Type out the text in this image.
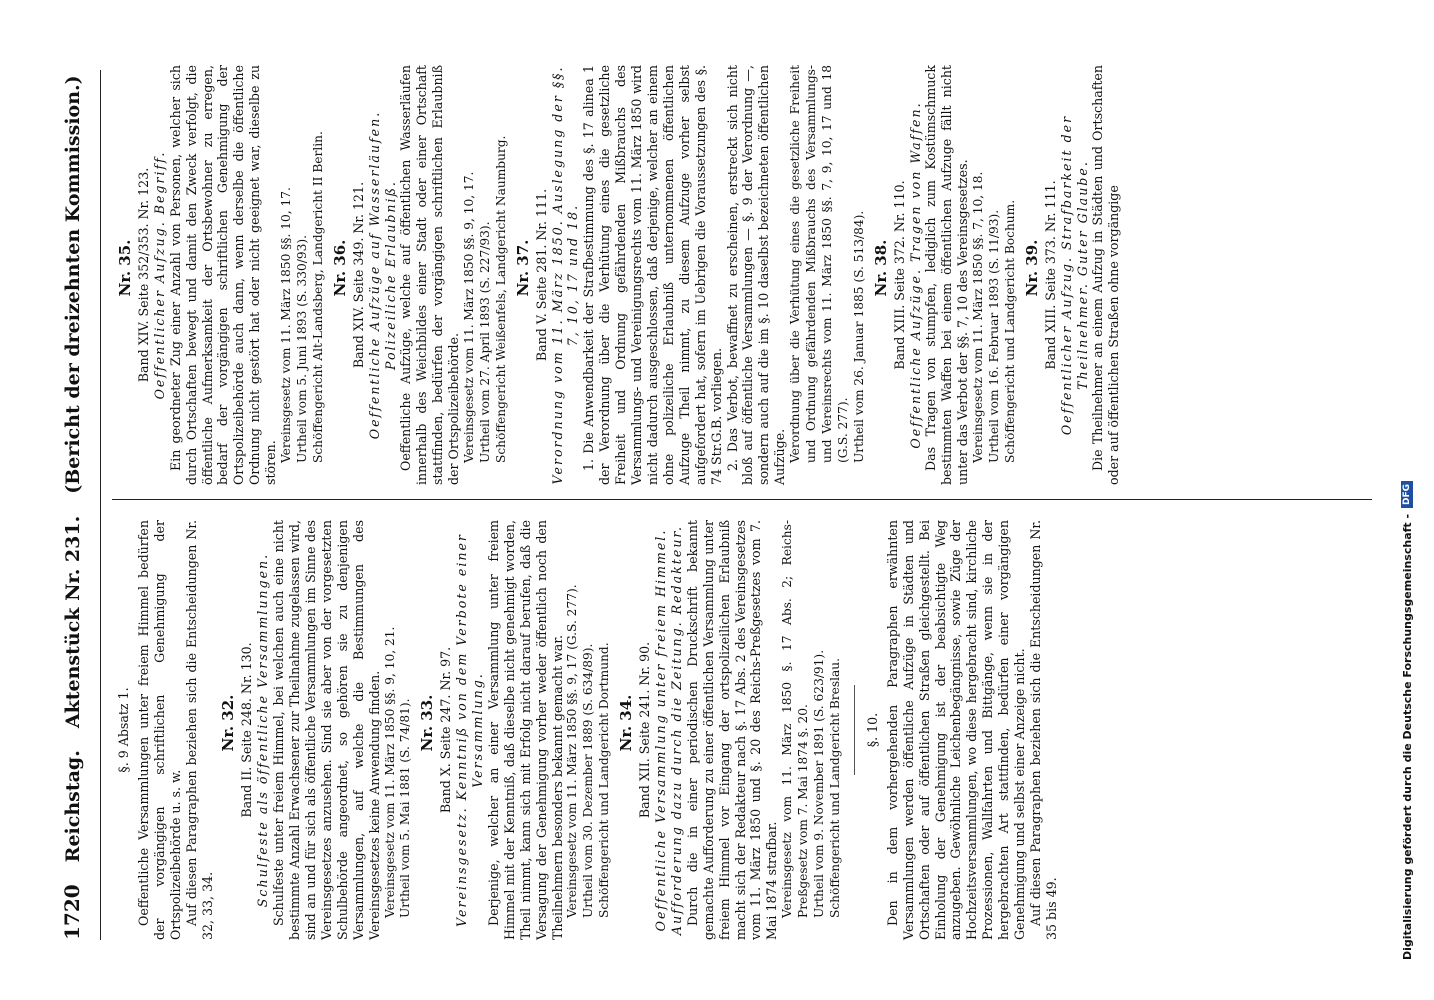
1720
Reichstag.
Aktenstück Nr. 231.
(Bericht der dreizehnten Kommission.)

§. 9 Absatz 1. Oeffentliche Versammlungen unter freiem Himmel bedürfen der vorgängigen schriftlichen Genehmigung der Ortspolizeibehörde u. s. w. Auf diesen Paragraphen beziehen sich die Entscheidungen Nr. 32, 33, 34.

Nr. 32. Band II. Seite 248. Nr. 130. Schulfeste als öffentliche Versammlungen. Schulfeste unter freiem Himmel, bei welchen auch eine nicht bestimmte Anzahl Erwachsener zur Theilnahme zugelassen wird, sind an und für sich als öffentliche Versammlungen im Sinne des Vereinsgesetzes anzusehen. Sind sie aber von der vorgesetzten Schulbehörde angeordnet, so gehören sie zu denjenigen Versammlungen, auf welche die Bestimmungen des Vereinsgesetzes keine Anwendung finden. Vereinsgesetz vom 11. März 1850 §§. 9, 10, 21. Urtheil vom 5. Mai 1881 (S. 74/81). Nr. 33. Band X. Seite 247. Nr. 97. Vereinsgesetz. Kenntniß von dem Verbote einer Versammlung. Derjenige, welcher an einer Versammlung unter freiem Himmel mit der Kenntniß, daß dieselbe nicht genehmigt worden, Theil nimmt, kann sich mit Erfolg nicht darauf berufen, daß die Versagung der Genehmigung vorher weder öffentlich noch den Theilnehmern besonders bekannt gemacht war. Vereinsgesetz vom 11. März 1850 §§. 9, 17 (G.S. 277). Urtheil vom 30. Dezember 1889 (S. 634/89). Schöffengericht und Landgericht Dortmund. Nr. 34. Band XII. Seite 241. Nr. 90. Oeffentliche Versammlung unter freiem Himmel. Aufforderung dazu durch die Zeitung. Redakteur. Durch die in einer periodischen Druckschrift bekannt gemachte Aufforderung zu einer öffentlichen Versammlung unter freiem Himmel vor Eingang der ortspolizeilichen Erlaubniß macht sich der Redakteur nach §. 17 Abs. 2 des Vereinsgesetzes vom 11. März 1850 und §. 20 des Reichs-Preßgesetzes vom 7. Mai 1874 strafbar. Vereinsgesetz vom 11. März 1850 §. 17 Abs. 2; Reichs-Preßgesetz vom 7. Mai 1874 §. 20. Urtheil vom 9. November 1891 (S. 623/91). Schöffengericht und Landgericht Breslau. §. 10. Den in dem vorhergehenden Paragraphen erwähnten Versammlungen werden öffentliche Aufzüge in Städten und Ortschaften oder auf öffentlichen Straßen gleichgestellt. Bei Einholung der Genehmigung ist der beabsichtigte Weg anzugeben. Gewöhnliche Leichenbegängnisse, sowie Züge der Hochzeitsversammlungen, wo diese hergebracht sind, kirchliche Prozessionen, Wallfahrten und Bittgänge, wenn sie in der hergebrachten Art stattfinden, bedürfen einer vorgängigen Genehmigung und selbst einer Anzeige nicht. Auf diesen Paragraphen beziehen sich die Entscheidungen Nr. 35 bis 49.

Nr. 35. Band XIV. Seite 352/353. Nr. 123. Oeffentlicher Aufzug. Begriff. Ein geordneter Zug einer Anzahl von Personen, welcher sich durch Ortschaften bewegt und damit den Zweck verfolgt, die öffentliche Aufmerksamkeit der Ortsbewohner zu erregen, bedarf der vorgängigen schriftlichen Genehmigung der Ortspolizeibehörde auch dann, wenn derselbe die öffentliche Ordnung nicht gestört hat oder nicht geeignet war, dieselbe zu stören. Vereinsgesetz vom 11. März 1850 §§. 10, 17. Urtheil vom 5. Juni 1893 (S. 330/93). Schöffengericht Alt-Landsberg, Landgericht II Berlin. Nr. 36. Band XIV. Seite 349. Nr. 121. Oeffentliche Aufzüge auf Wasserläufen. Polizeiliche Erlaubniß. Oeffentliche Aufzüge, welche auf öffentlichen Wasserläufen innerhalb des Weichbildes einer Stadt oder einer Ortschaft stattfinden, bedürfen der vorgängigen schriftlichen Erlaubniß der Ortspolizeibehörde. Vereinsgesetz vom 11. März 1850 §§. 9, 10, 17. Urtheil vom 27. April 1893 (S. 227/93). Schöffengericht Weißenfels, Landgericht Naumburg. Nr. 37. Band V. Seite 281. Nr. 111. Verordnung vom 11. März 1850. Auslegung der §§. 7, 10, 17 und 18. 1. Die Anwendbarkeit der Strafbestimmung des §. 17 alinea 1 der Verordnung über die Verhütung eines die gesetzliche Freiheit und Ordnung gefährdenden Mißbrauchs des Versammlungs- und Vereinigungsrechts vom 11. März 1850 wird nicht dadurch ausgeschlossen, daß derjenige, welcher an einem ohne polizeiliche Erlaubniß unternommenen öffentlichen Aufzuge Theil nimmt, zu diesem Aufzuge vorher selbst aufgefordert hat, sofern im Uebrigen die Voraussetzungen des §. 74 Str.G.B. vorliegen. 2. Das Verbot, bewaffnet zu erscheinen, erstreckt sich nicht bloß auf öffentliche Versammlungen — §. 9 der Verordnung —, sondern auch auf die im §. 10 daselbst bezeichneten öffentlichen Aufzüge. Verordnung über die Verhütung eines die gesetzliche Freiheit und Ordnung gefährdenden Mißbrauchs des Versammlungs- und Vereinsrechts vom 11. März 1850 §§. 7, 9, 10, 17 und 18 (G.S. 277). Urtheil vom 26. Januar 1885 (S. 513/84). Nr. 38. Band XIII. Seite 372. Nr. 110. Oeffentliche Aufzüge. Tragen von Waffen. Das Tragen von stumpfen, lediglich zum Kostümschmuck bestimmten Waffen bei einem öffentlichen Aufzuge fällt nicht unter das Verbot der §§. 7, 10 des Vereinsgesetzes. Vereinsgesetz vom 11. März 1850 §§. 7, 10, 18. Urtheil vom 16. Februar 1893 (S. 11/93). Schöffengericht und Landgericht Bochum. Nr. 39. Band XIII. Seite 373. Nr. 111. Oeffentlicher Aufzug. Strafbarkeit der Theilnehmer. Guter Glaube. Die Theilnehmer an einem Aufzug in Städten und Ortschaften oder auf öffentlichen Straßen ohne vorgängige

Digitalisierung gefördert durch die Deutsche Forschungsgemeinschaft -
DFG
